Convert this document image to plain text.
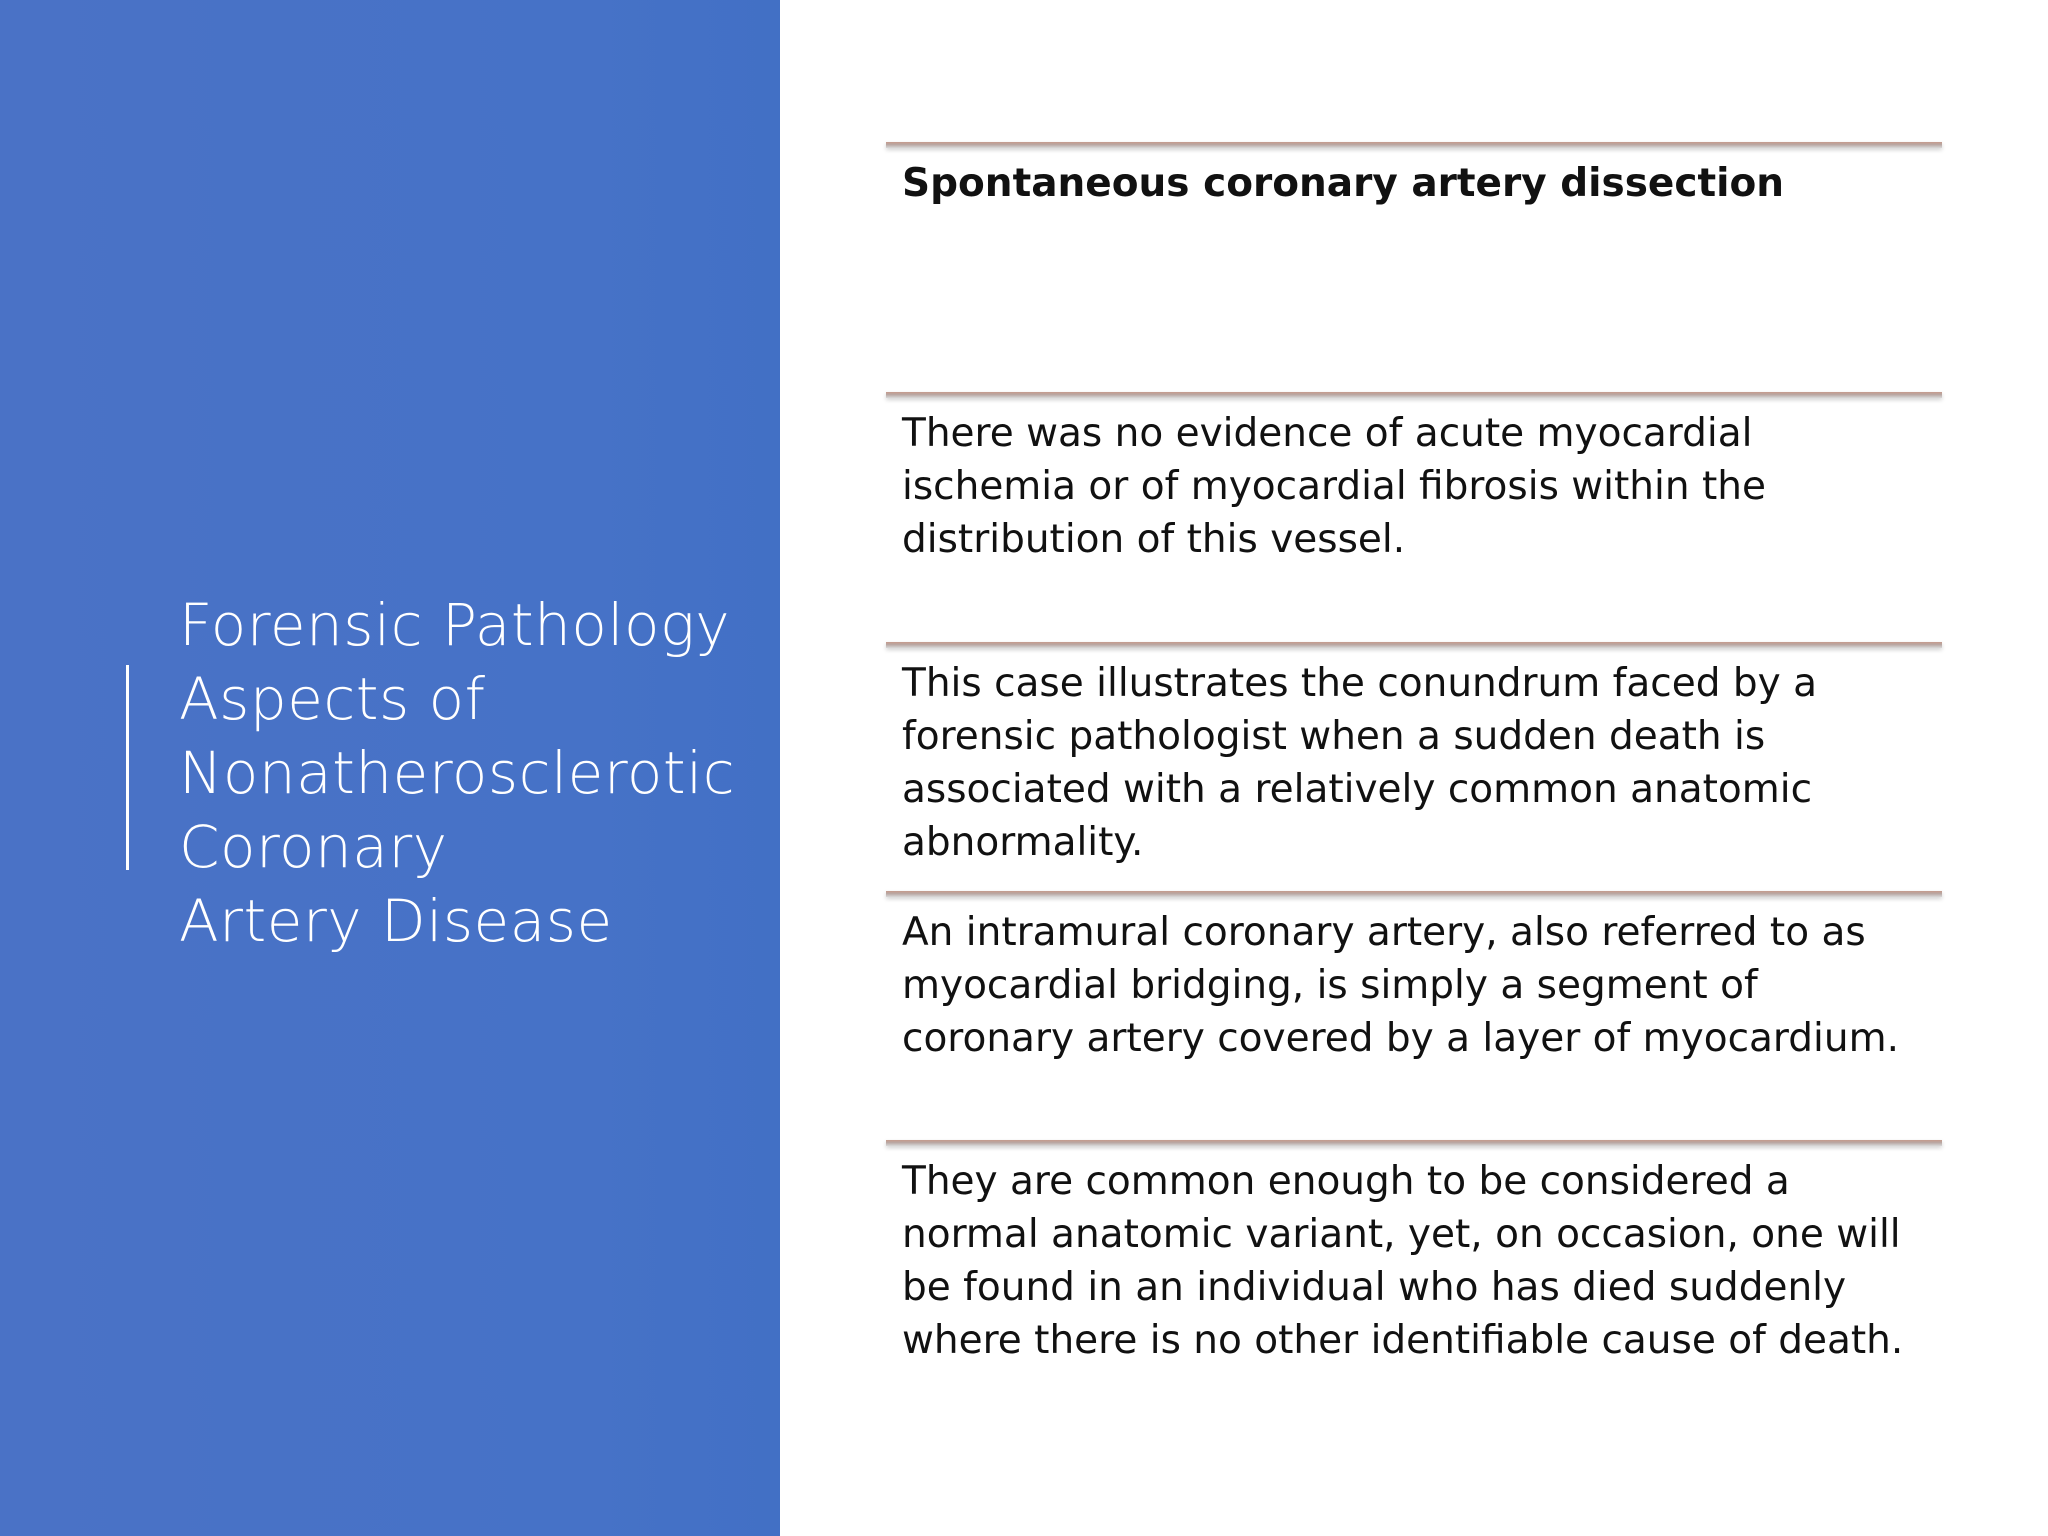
Forensic Pathology
Aspects of
Nonatherosclerotic
Coronary
Artery Disease

Spontaneous coronary artery dissection

There was no evidence of acute myocardial ischemia or of myocardial fibrosis within the distribution of this vessel.

This case illustrates the conundrum faced by a forensic pathologist when a sudden death is associated with a relatively common anatomic abnormality.

An intramural coronary artery, also referred to as myocardial bridging, is simply a segment of coronary artery covered by a layer of myocardium.

They are common enough to be considered a normal anatomic variant, yet, on occasion, one will be found in an individual who has died suddenly where there is no other identifiable cause of death.
